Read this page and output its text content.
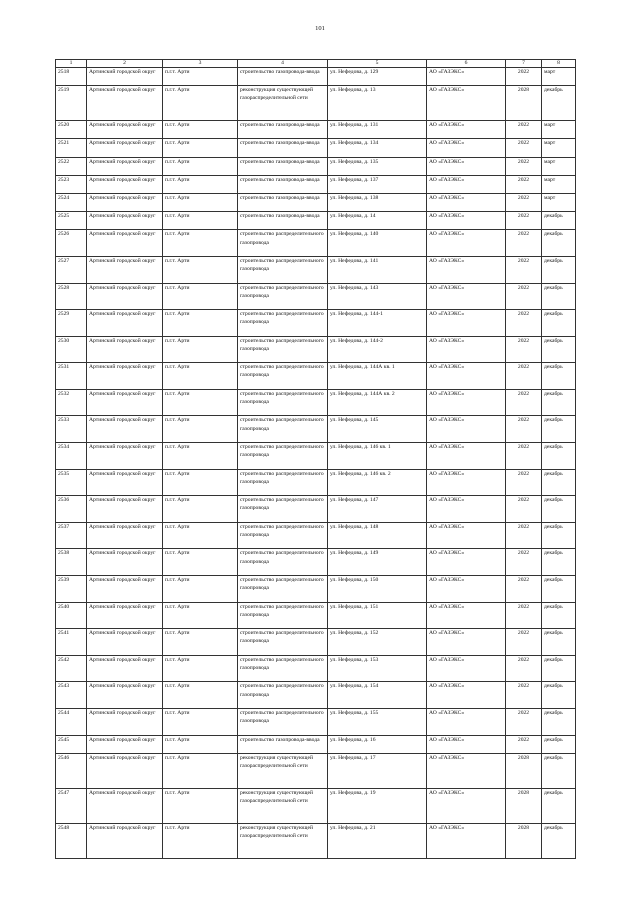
101
1	2	3	4	5	6	7	8
2518	Артинский городской округ	п.г.т. Арти	строительство газопровода-ввода	ул. Нефедова, д. 129	АО «ГАЗЭКС»	2022	март
2519	Артинский городской округ	п.г.т. Арти	реконструкция существующей газораспределительной сети	ул. Нефедова, д. 13	АО «ГАЗЭКС»	2028	декабрь
2520	Артинский городской округ	п.г.т. Арти	строительство газопровода-ввода	ул. Нефедова, д. 131	АО «ГАЗЭКС»	2022	март
2521	Артинский городской округ	п.г.т. Арти	строительство газопровода-ввода	ул. Нефедова, д. 134	АО «ГАЗЭКС»	2022	март
2522	Артинский городской округ	п.г.т. Арти	строительство газопровода-ввода	ул. Нефедова, д. 135	АО «ГАЗЭКС»	2022	март
2523	Артинский городской округ	п.г.т. Арти	строительство газопровода-ввода	ул. Нефедова, д. 137	АО «ГАЗЭКС»	2022	март
2524	Артинский городской округ	п.г.т. Арти	строительство газопровода-ввода	ул. Нефедова, д. 138	АО «ГАЗЭКС»	2022	март
2525	Артинский городской округ	п.г.т. Арти	строительство газопровода-ввода	ул. Нефедова, д. 14	АО «ГАЗЭКС»	2022	декабрь
2526	Артинский городской округ	п.г.т. Арти	строительство распределительного газопровода	ул. Нефедова, д. 140	АО «ГАЗЭКС»	2022	декабрь
2527	Артинский городской округ	п.г.т. Арти	строительство распределительного газопровода	ул. Нефедова, д. 141	АО «ГАЗЭКС»	2022	декабрь
2528	Артинский городской округ	п.г.т. Арти	строительство распределительного газопровода	ул. Нефедова, д. 143	АО «ГАЗЭКС»	2022	декабрь
2529	Артинский городской округ	п.г.т. Арти	строительство распределительного газопровода	ул. Нефедова, д. 144-1	АО «ГАЗЭКС»	2022	декабрь
2530	Артинский городской округ	п.г.т. Арти	строительство распределительного газопровода	ул. Нефедова, д. 144-2	АО «ГАЗЭКС»	2022	декабрь
2531	Артинский городской округ	п.г.т. Арти	строительство распределительного газопровода	ул. Нефедова, д. 144А кв. 1	АО «ГАЗЭКС»	2022	декабрь
2532	Артинский городской округ	п.г.т. Арти	строительство распределительного газопровода	ул. Нефедова, д. 144А кв. 2	АО «ГАЗЭКС»	2022	декабрь
2533	Артинский городской округ	п.г.т. Арти	строительство распределительного газопровода	ул. Нефедова, д. 145	АО «ГАЗЭКС»	2022	декабрь
2534	Артинский городской округ	п.г.т. Арти	строительство распределительного газопровода	ул. Нефедова, д. 146 кв. 1	АО «ГАЗЭКС»	2022	декабрь
2535	Артинский городской округ	п.г.т. Арти	строительство распределительного газопровода	ул. Нефедова, д. 146 кв. 2	АО «ГАЗЭКС»	2022	декабрь
2536	Артинский городской округ	п.г.т. Арти	строительство распределительного газопровода	ул. Нефедова, д. 147	АО «ГАЗЭКС»	2022	декабрь
2537	Артинский городской округ	п.г.т. Арти	строительство распределительного газопровода	ул. Нефедова, д. 148	АО «ГАЗЭКС»	2022	декабрь
2538	Артинский городской округ	п.г.т. Арти	строительство распределительного газопровода	ул. Нефедова, д. 149	АО «ГАЗЭКС»	2022	декабрь
2539	Артинский городской округ	п.г.т. Арти	строительство распределительного газопровода	ул. Нефедова, д. 150	АО «ГАЗЭКС»	2022	декабрь
2540	Артинский городской округ	п.г.т. Арти	строительство распределительного газопровода	ул. Нефедова, д. 151	АО «ГАЗЭКС»	2022	декабрь
2541	Артинский городской округ	п.г.т. Арти	строительство распределительного газопровода	ул. Нефедова, д. 152	АО «ГАЗЭКС»	2022	декабрь
2542	Артинский городской округ	п.г.т. Арти	строительство распределительного газопровода	ул. Нефедова, д. 153	АО «ГАЗЭКС»	2022	декабрь
2543	Артинский городской округ	п.г.т. Арти	строительство распределительного газопровода	ул. Нефедова, д. 154	АО «ГАЗЭКС»	2022	декабрь
2544	Артинский городской округ	п.г.т. Арти	строительство распределительного газопровода	ул. Нефедова, д. 155	АО «ГАЗЭКС»	2022	декабрь
2545	Артинский городской округ	п.г.т. Арти	строительство газопровода-ввода	ул. Нефедова, д. 16	АО «ГАЗЭКС»	2022	декабрь
2546	Артинский городской округ	п.г.т. Арти	реконструкция существующей газораспределительной сети	ул. Нефедова, д. 17	АО «ГАЗЭКС»	2028	декабрь
2547	Артинский городской округ	п.г.т. Арти	реконструкция существующей газораспределительной сети	ул. Нефедова, д. 19	АО «ГАЗЭКС»	2028	декабрь
2548	Артинский городской округ	п.г.т. Арти	реконструкция существующей газораспределительной сети	ул. Нефедова, д. 21	АО «ГАЗЭКС»	2028	декабрь
